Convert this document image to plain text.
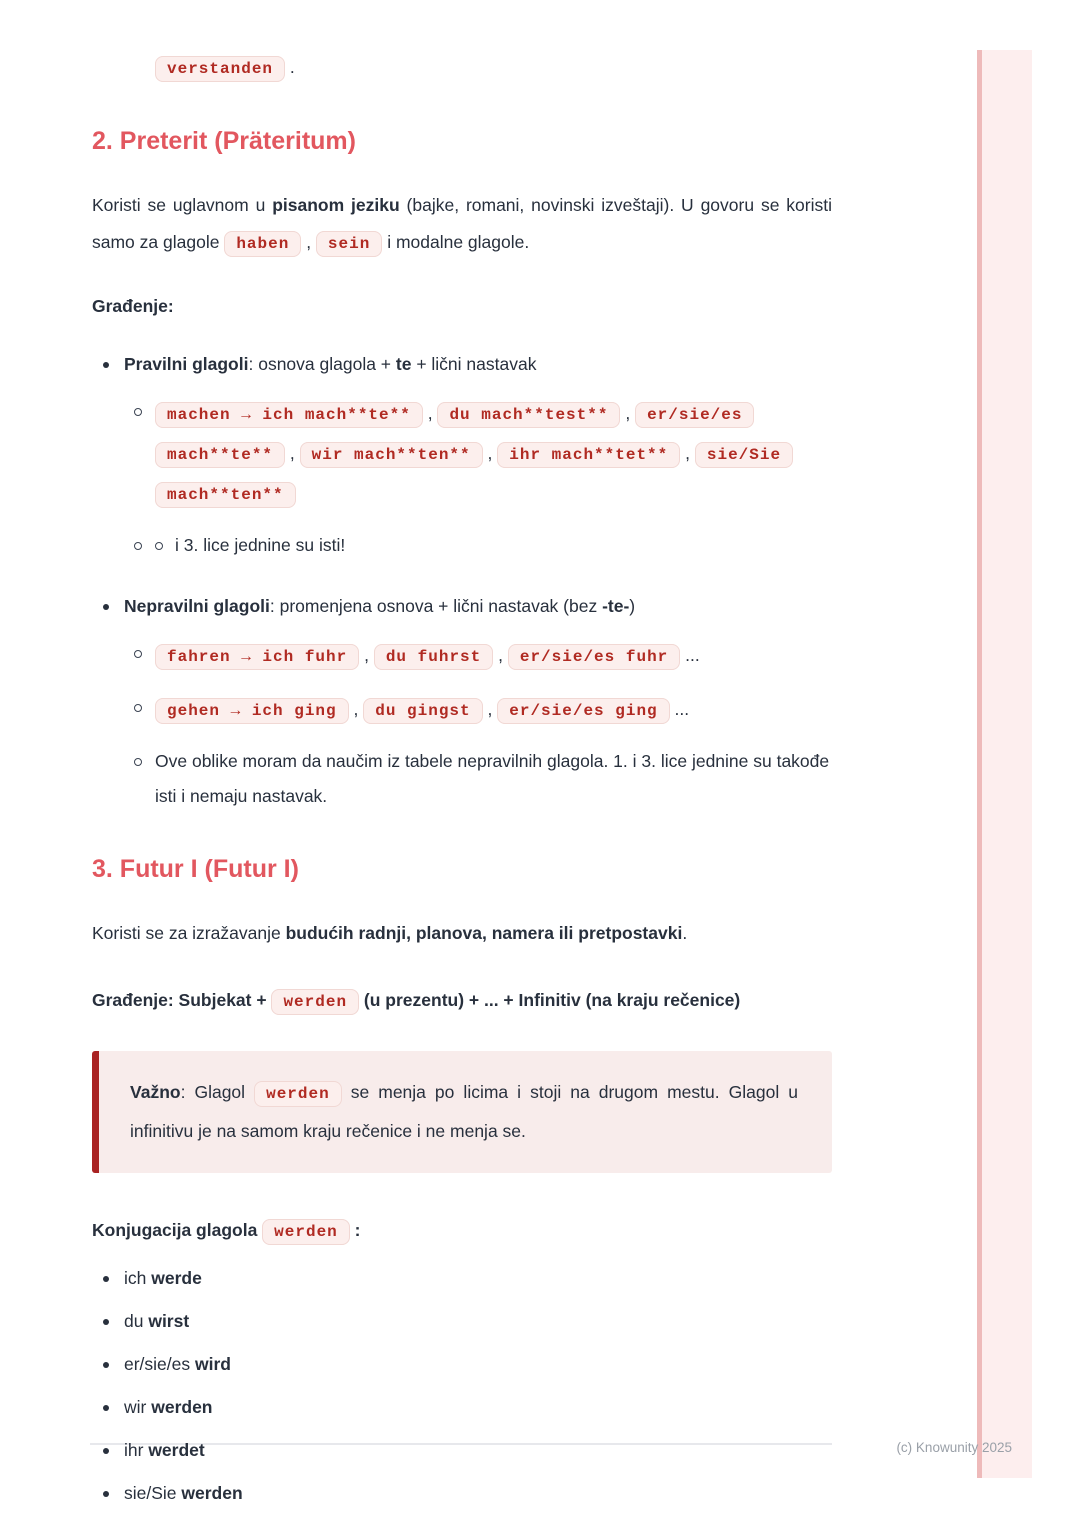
(c) Knowunity 2025
verstanden .
2. Preterit (Präteritum)

Koristi se uglavnom u pisanom jeziku (bajke, romani, novinski izveštaji). U govoru se koristi samo za glagole haben , sein i modalne glagole.

Građenje:
Pravilni glagoli: osnova glagola + te + lični nastavak
machen → ich mach**te** , du mach**test** , er/sie/es mach**te** , wir mach**ten** , ihr mach**tet** , sie/Sie mach**ten**
i 3. lice jednine su isti!
Nepravilni glagoli: promenjena osnova + lični nastavak (bez -te-)
fahren → ich fuhr , du fuhrst , er/sie/es fuhr ...
gehen → ich ging , du gingst , er/sie/es ging ...
Ove oblike moram da naučim iz tabele nepravilnih glagola. 1. i 3. lice jednine su takođe isti i nemaju nastavak.
3. Futur I (Futur I)

Koristi se za izražavanje budućih radnji, planova, namera ili pretpostavki.

Građenje: Subjekat + werden (u prezentu) + ... + Infinitiv (na kraju rečenice)

Važno: Glagol werden se menja po licima i stoji na drugom mestu. Glagol u infinitivu je na samom kraju rečenice i ne menja se.

Konjugacija glagola werden :
ich werde
du wirst
er/sie/es wird
wir werden
ihr werdet
sie/Sie werden
